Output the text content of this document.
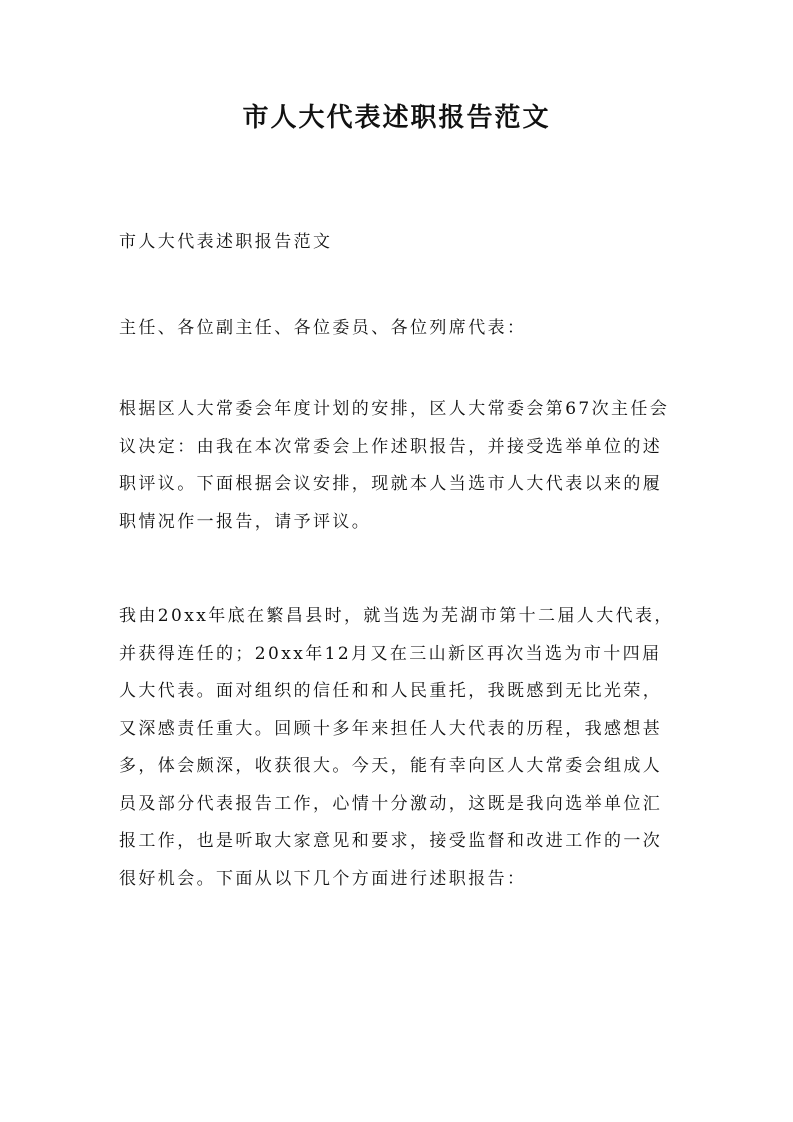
市人大代表述职报告范文
市人大代表述职报告范文
主任、各位副主任、各位委员、各位列席代表：
根据区人大常委会年度计划的安排，区人大常委会第67次主任会议决定：由我在本次常委会上作述职报告，并接受选举单位的述职评议。下面根据会议安排，现就本人当选市人大代表以来的履职情况作一报告，请予评议。
我由20xx年底在繁昌县时，就当选为芜湖市第十二届人大代表，并获得连任的；20xx年12月又在三山新区再次当选为市十四届人大代表。面对组织的信任和和人民重托，我既感到无比光荣，又深感责任重大。回顾十多年来担任人大代表的历程，我感想甚多，体会颇深，收获很大。今天，能有幸向区人大常委会组成人员及部分代表报告工作，心情十分激动，这既是我向选举单位汇报工作，也是听取大家意见和要求，接受监督和改进工作的一次很好机会。下面从以下几个方面进行述职报告：
